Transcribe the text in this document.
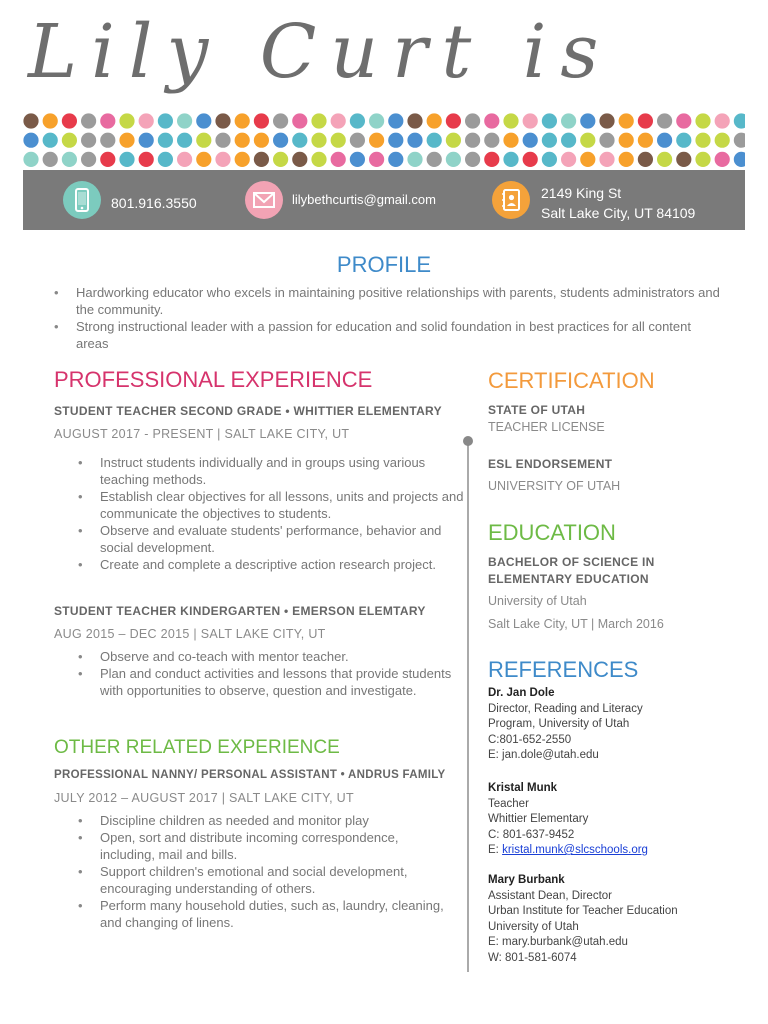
Lily Curt is
801.916.3550	lilybethcurtis@gmail.com	2149 King St
Salt Lake City, UT 84109
PROFILE
• Hardworking educator who excels in maintaining positive relationships with parents, students administrators and the community.
• Strong instructional leader with a passion for education and solid foundation in best practices for all content areas
PROFESSIONAL EXPERIENCE
STUDENT TEACHER SECOND GRADE • WHITTIER ELEMENTARY
AUGUST 2017 - PRESENT | SALT LAKE CITY, UT
• Instruct students individually and in groups using various teaching methods.
• Establish clear objectives for all lessons, units and projects and communicate the objectives to students.
• Observe and evaluate students' performance, behavior and social development.
• Create and complete a descriptive action research project.
STUDENT TEACHER KINDERGARTEN • EMERSON ELEMTARY
AUG 2015 – DEC 2015 | SALT LAKE CITY, UT
• Observe and co-teach with mentor teacher.
• Plan and conduct activities and lessons that provide students with opportunities to observe, question and investigate.
OTHER RELATED EXPERIENCE
PROFESSIONAL NANNY/ PERSONAL ASSISTANT • ANDRUS FAMILY
JULY 2012 – AUGUST 2017 | SALT LAKE CITY, UT
• Discipline children as needed and monitor play
• Open, sort and distribute incoming correspondence, including, mail and bills.
• Support children's emotional and social development, encouraging understanding of others.
• Perform many household duties, such as, laundry, cleaning, and changing of linens.
CERTIFICATION
STATE OF UTAH
TEACHER LICENSE
ESL ENDORSEMENT
UNIVERSITY OF UTAH
EDUCATION
BACHELOR OF SCIENCE IN
ELEMENTARY EDUCATION
University of Utah
Salt Lake City, UT | March 2016
REFERENCES
Dr. Jan Dole
Director, Reading and Literacy
Program, University of Utah
C:801-652-2550
E: jan.dole@utah.edu
Kristal Munk
Teacher
Whittier Elementary
C: 801-637-9452
E: kristal.munk@slcschools.org
Mary Burbank
Assistant Dean, Director
Urban Institute for Teacher Education
University of Utah
E: mary.burbank@utah.edu
W: 801-581-6074
